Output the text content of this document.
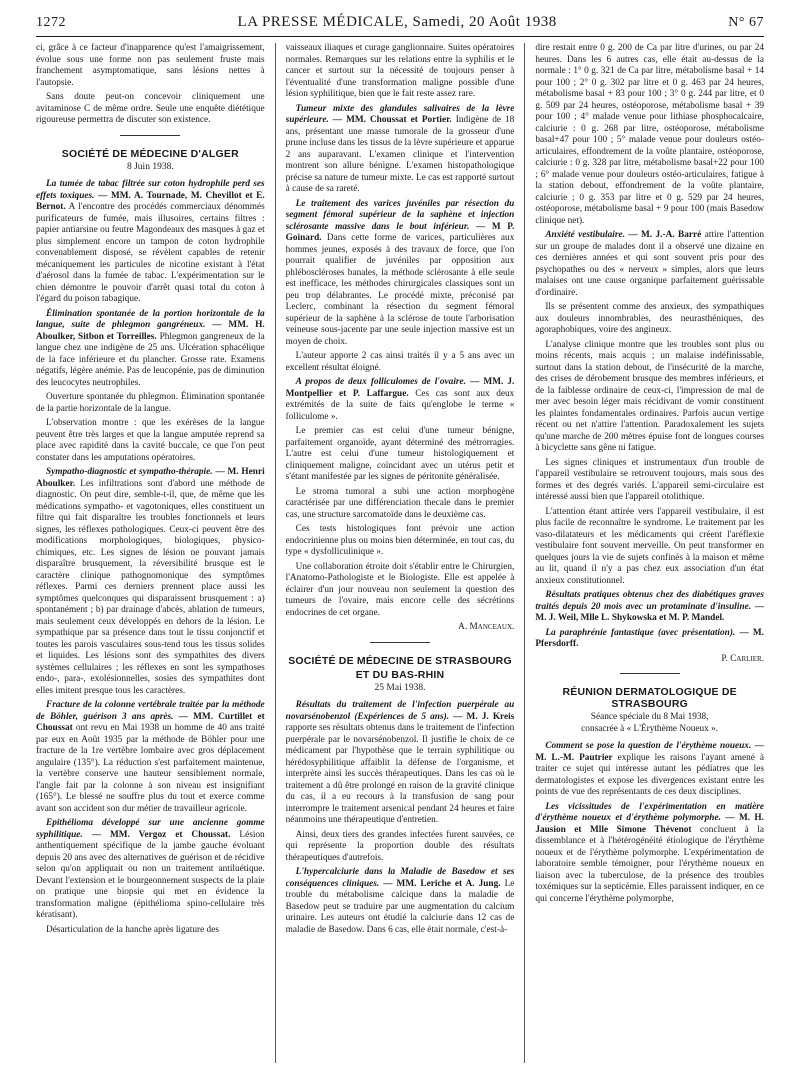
1272	LA PRESSE MÉDICALE, Samedi, 20 Août 1938	N° 67

ci, grâce à ce facteur d'inapparence qu'est l'amaigrissement, évolue sous une forme non pas seulement fruste mais franchement asymptomatique, sans lésions nettes à l'autopsie.

Sans doute peut-on concevoir cliniquement une avitaminose C de même ordre. Seule une enquête diététique rigoureuse permettra de discuter son existence.

SOCIÉTÉ DE MÉDECINE D'ALGER
8 Juin 1938.

La tumée de tabac filtrée sur coton hydrophile perd ses effets toxiques. — MM. A. Tournade, M. Chevillot et E. Bernot. A l'encontre des procédés commerciaux dénommés purificateurs de fumée, mais illusoires, certains filtres : papier antiarsine ou feutre Magondeaux des masques à gaz et plus simplement encore un tampon de coton hydrophile convenablement disposé, se révèlent capables de retenir mécaniquement les particules de nicotine existant à l'état d'aérosol dans la fumée de tabac. L'expérimentation sur le chien démontre le pouvoir d'arrêt quasi total du coton à l'égard du poison tabagique.

Élimination spontanée de la portion horizontale de la langue, suite de phlegmon gangréneux. — MM. H. Aboulker, Sitbon et Torreilles. Phlegmon gangreneux de la langue chez une indigène de 25 ans. Ulcération sphacélique de la face inférieure et du plancher. Grosse rate. Examens négatifs, légère anémie. Pas de leucopénie, pas de diminution des leucocytes neutrophiles.

Ouverture spontanée du phlegmon. Élimination spontanée de la partie horizontale de la langue.

L'observation montre : que les exérèses de la langue peuvent être très larges et que la langue amputée reprend sa place avec rapidité dans la cavité buccale, ce que l'on peut constater dans les amputations opératoires.

Sympatho-diagnostic et sympatho-thérapie. — M. Henri Aboulker. Les infiltrations sont d'abord une méthode de diagnostic. On peut dire, semble-t-il, que, de même que les médications sympatho- et vagotoniques, elles constituent un filtre qui fait disparaître les troubles fonctionnels et leurs signes, les réflexes pathologiques. Ceux-ci peuvent être des modifications morphologiques, biologiques, physico-chimiques, etc. Les signes de lésion ne pouvant jamais disparaître brusquement, la réversibilité brusque est le caractère clinique pathognomonique des symptômes réflexes. Parmi ces derniers prennent place aussi les symptômes quelconques qui disparaissent brusquement : a) spontanément ; b) par drainage d'abcès, ablation de tumeurs, mais seulement ceux développés en dehors de la lésion. Le sympathique par sa présence dans tout le tissu conjonctif et toutes les parois vasculaires sous-tend tous les tissus solides et liquides. Les lésions sont des sympathites des divers systèmes cellulaires ; les réflexes en sont les sympathoses endo-, para-, exolésionnelles, sosies des sympathites dont elles imitent presque tous les caractères.

Fracture de la colonne vertébrale traitée par la méthode de Böhler, guérison 3 ans après. — MM. Curtillet et Choussat ont revu en Mai 1938 un homme de 40 ans traité par eux en Août 1935 par la méthode de Böhler pour une fracture de la 1re vertèbre lombaire avec gros déplacement angulaire (135°). La réduction s'est parfaitement maintenue, la vertèbre conserve une hauteur sensiblement normale, l'angle fait par la colonne à son niveau est insignifiant (165°). Le blessé ne souffre plus du tout et exerce comme avant son accident son dur métier de travailleur agricole.

Epithélioma développé sur une ancienne gomme syphilitique. — MM. Vergoz et Choussat. Lésion anthentiquement spécifique de la jambe gauche évoluant depuis 20 ans avec des alternatives de guérison et de récidive selon qu'on appliquait ou non un traitement antiluétique. Devant l'extension et le bourgeonnement suspects de la plaie on pratique une biopsie qui met en évidence la transformation maligne (épithélioma spino-cellulaire très kératisant).

Désarticulation de la hanche après ligature des

vaisseaux iliaques et curage ganglionnaire. Suites opératoires normales. Remarques sur les relations entre la syphilis et le cancer et surtout sur la nécessité de toujours penser à l'éventualité d'une transformation maligne possible d'une lésion syphilitique, bien que le fait reste assez rare.

Tumeur mixte des glandules salivaires de la lèvre supérieure. — MM. Choussat et Portier. Indigène de 18 ans, présentant une masse tumorale de la grosseur d'une prune incluse dans les tissus de la lèvre supérieure et apparue 2 ans auparavant. L'examen clinique et l'intervention montrent son allure bénigne. L'examen histopathologique précise sa nature de tumeur mixte. Le cas est rapporté surtout à cause de sa rareté.

Le traitement des varices juvéniles par résection du segment fémoral supérieur de la saphène et injection sclérosante massive dans le bout inférieur. — M P. Goinard. Dans cette forme de varices, particulières aux hommes jeunes, exposés à des travaux de force, que l'on pourrait qualifier de juvéniles par opposition aux phléboscléroses banales, la méthode sclérosante à elle seule est inefficace, les méthodes chirurgicales classiques sont un peu trop délabrantes. Le procédé mixte, préconisé par Leclerc, combinant la résection du segment fémoral supérieur de la saphène à la sclérose de toute l'arborisation veineuse sous-jacente par une seule injection massive est un moyen de choix.

L'auteur apporte 2 cas ainsi traités il y a 5 ans avec un excellent résultat éloigné.

A propos de deux folliculomes de l'ovaire. — MM. J. Montpellier et P. Laffargue. Ces cas sont aux deux extrémités de la suite de faits qu'englobe le terme « folliculome ».

Le premier cas est celui d'une tumeur bénigne, parfaitement organoïde, ayant déterminé des métrorragies. L'autre est celui d'une tumeur histologiquement et cliniquement maligne, coïncidant avec un utérus petit et s'étant manifestée par les signes de péritonite généralisée.

Le stroma tumoral a subi une action morphogène caractérisée par une différenciation thecale dans le premier cas, une structure sarcomatoïde dans le deuxième cas.

Ces tests histologiques font prévoir une action endocrinienne plus ou moins bien déterminée, en tout cas, du type « dysfolliculinique ».

Une collaboration étroite doit s'établir entre le Chirurgien, l'Anatomo-Pathologiste et le Biologiste. Elle est appelée à éclairer d'un jour nouveau non seulement la question des tumeurs de l'ovaire, mais encore celle des sécrétions endocrines de cet organe.

A. Manceaux.

SOCIÉTÉ DE MÉDECINE DE STRASBOURG
ET DU BAS-RHIN
25 Mai 1938.

Résultats du traitement de l'infection puerpérale au novarsénobenzol (Expériences de 5 ans). — M. J. Kreis rapporte ses résultats obtenus dans le traitement de l'infection puerpérale par le novarsénobenzol. Il justifie le choix de ce médicament par l'hypothèse que le terrain syphilitique ou hérédosyphilitique affaiblit la défense de l'organisme, et interprète ainsi les succès thérapeutiques. Dans les cas où le traitement a dû être prolongé en raison de la gravité clinique du cas, il a eu recours à la transfusion de sang pour interrompre le traitement arsenical pendant 24 heures et faire néanmoins une thérapeutique d'entretien.

Ainsi, deux tiers des grandes infectées furent sauvées, ce qui représente la proportion double des résultats thérapeutiques d'autrefois.

L'hypercalciurie dans la Maladie de Basedow et ses conséquences cliniques. — MM. Leriche et A. Jung. Le trouble du métabolisme calcique dans la maladie de Basedow peut se traduire par une augmentation du calcium urinaire. Les auteurs ont étudié la calciurie dans 12 cas de maladie de Basedow. Dans 6 cas, elle était normale, c'est-à-

dire restait entre 0 g. 200 de Ca par litre d'urines, ou par 24 heures. Dans les 6 autres cas, elle était au-dessus de la normale : 1° 0 g. 321 de Ca par litre, métabolisme basal + 14 pour 100 ; 2° 0 g. 302 par litre et 0 g. 463 par 24 heures, métabolisme basal + 83 pour 100 ; 3° 0 g. 244 par litre, et 0 g. 509 par 24 heures, ostéoporose, métabolisme basal + 39 pour 100 ; 4° malade venue pour lithiase phosphocalcaire, calciurie : 0 g. 268 par litre, ostéoporose, métabolisme basal+47 pour 100 ; 5° malade venue pour douleurs ostéo-articulaires, effondrement de la voûte plantaire, ostéoporose, calciurie : 0 g. 328 par litre, métabolisme basal+22 pour 100 ; 6° malade venue pour douleurs ostéo-articulaires, fatigue à la station debout, effondrement de la voûte plantaire, calciurie ; 0 g. 353 par litre et 0 g. 529 par 24 heures, ostéoporose, métabolisme basal + 9 pour 100 (mais Basedow clinique net).

Anxiété vestibulaire. — M. J.-A. Barré attire l'attention sur un groupe de malades dont il a observé une dizaine en ces dernières années et qui sont souvent pris pour des psychopathes ou des « nerveux » simples, alors que leurs malaises ont une cause organique parfaitement guérissable d'ordinaire.

Ils se présentent comme des anxieux, des sympathiques aux douleurs innombrables, des neurasthéniques, des agoraphobiques, voire des angineux.

L'analyse clinique montre que les troubles sont plus ou moins récents, mais acquis ; un malaise indéfinissable, surtout dans la station debout, de l'insécurité de la marche, des crises de dérobement brusque des membres inférieurs, et de la faiblesse ordinaire de ceux-ci, l'impression de mal de mer avec besoin léger mais récidivant de vomir constituent les plaintes fondamentales ordinaires. Parfois aucun vertige récent ou net n'attire l'attention. Paradoxalement les sujets qu'une marche de 200 mètres épuise font de longues courses à bicyclette sans gêne ni fatigue.

Les signes cliniques et instrumentaux d'un trouble de l'appareil vestibulaire se retrouvent toujours, mais sous des formes et des degrés variés. L'appareil semi-circulaire est intéressé aussi bien que l'appareil otolithique.

L'attention étant attirée vers l'appareil vestibulaire, il est plus facile de reconnaître le syndrome. Le traitement par les vaso-dilatateurs et les médicaments qui créent l'aréflexie vestibulaire font souvent merveille. On peut transformer en quelques jours la vie de sujets confinés à la maison et même au lit, quand il n'y a pas chez eux association d'un état anxieux constitutionnel.

Résultats pratiques obtenus chez des diabétiques graves traités depuis 20 mois avec un protaminate d'insuline. — M. J. Weil, Mlle L. Shykowska et M. P. Mandel.

La paraphrénie fantastique (avec présentation). — M. Pfersdorff.

P. Carlier.

RÉUNION DERMATOLOGIQUE DE STRASBOURG
Séance spéciale du 8 Mai 1938,
consacrée à « L'Érythème Noueux ».

Comment se pose la question de l'érythème noueux. — M. L.-M. Pautrier explique les raisons l'ayant amené à traiter ce sujet qui intéresse autant les pédiatres que les dermatologistes et expose les divergences existant entre les points de vue des représentants de ces deux disciplines.

Les vicissitudes de l'expérimentation en matière d'érythème noueux et d'érythème polymorphe. — M. H. Jausion et Mlle Simone Thévenot concluent à la dissemblance et à l'hétérogénéité étiologique de l'érythème noueux et de l'érythème polymorphe. L'expérimentation de laboratoire semble témoigner, pour l'érythème noueux en liaison avec la tuberculose, de la présence des troubles toxémiques sur la septicémie. Elles paraissent indiquer, en ce qui concerne l'érythème polymorphe,
